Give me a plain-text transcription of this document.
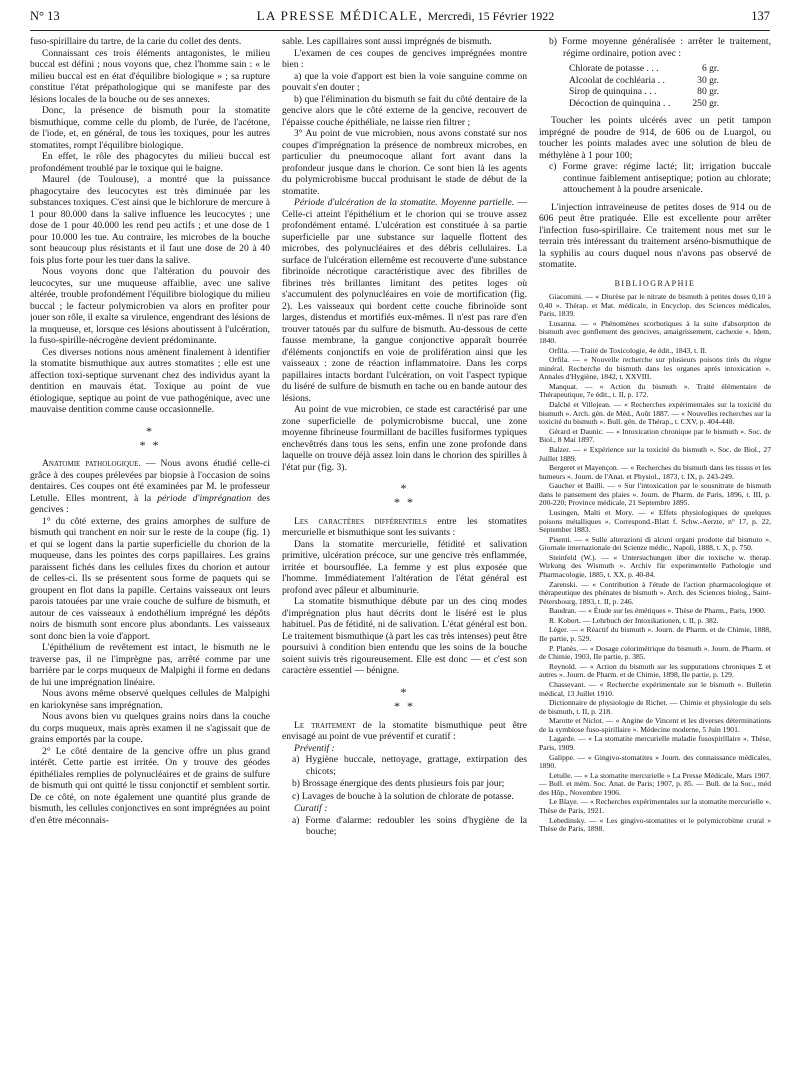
N° 13	LA PRESSE MÉDICALE, Mercredi, 15 Février 1922	137

fuso-spirillaire du tartre, de la carie du collet des dents.

Connaissant ces trois éléments antagonistes, le milieu buccal est défini ; nous voyons que, chez l'homme sain : « le milieu buccal est en état d'équilibre biologique » ; sa rupture constitue l'état prépathologique qui se manifeste par des lésions locales de la bouche ou de ses annexes.

Donc, la présence de bismuth pour la stomatite bismuthique, comme celle du plomb, de l'urée, de l'acétone, de l'iode, et, en général, de tous les toxiques, pour les autres stomatites, rompt l'équilibre biologique.

En effet, le rôle des phagocytes du milieu buccal est profondément troublé par le toxique qui le baigne.

Maurel (de Toulouse), a montré que la puissance phagocytaire des leucocytes est très diminuée par les substances toxiques. C'est ainsi que le bichlorure de mercure à 1 pour 80.000 dans la salive influence les leucocytes ; une dose de 1 pour 40.000 les rend peu actifs ; et une dose de 1 pour 10.000 les tue. Au contraire, les microbes de la bouche sont beaucoup plus résistants et il faut une dose de 20 à 40 fois plus forte pour les tuer dans la salive.

Nous voyons donc que l'altération du pouvoir des leucocytes, sur une muqueuse affaiblie, avec une salive altérée, trouble profondément l'équilibre biologique du milieu buccal ; le facteur polymicrobien va alors en profiter pour jouer son rôle, il exalte sa virulence, engendrant des lésions de la muqueuse, et, lorsque ces lésions aboutissent à l'ulcération, la fuso-spirille-nécrogène devient prédominante.

Ces diverses notions nous amènent finalement à identifier la stomatite bismuthique aux autres stomatites ; elle est une affection toxi-septique survenant chez des individus ayant la dentition en mauvais état. Toxique au point de vue étiologique, septique au point de vue pathogénique, avec une mauvaise dentition comme cause occasionnelle.

*
* *

Anatomie pathologique. — Nous avons étudié celle-ci grâce à des coupes prélevées par biopsie à l'occasion de soins dentaires. Ces coupes ont été examinées par M. le professeur Letulle. Elles montrent, à la période d'imprégnation des gencives :

1° du côté externe, des grains amorphes de sulfure de bismuth qui tranchent en noir sur le reste de la coupe (fig. 1) et qui se logent dans la partie superficielle du chorion de la muqueuse, dans les pointes des corps papillaires. Les grains paraissent fichés dans les cellules fixes du chorion et autour de celles-ci. Ils se présentent sous forme de paquets qui se groupent en flot dans la papille. Certains vaisseaux ont leurs parois tatouées par une vraie couche de sulfure de bismuth, et autour de ces vaisseaux à endothélium imprégné les dépôts noirs de bismuth sont encore plus abondants. Les vaisseaux sont donc bien la voie d'apport.

L'épithélium de revêtement est intact, le bismuth ne le traverse pas, il ne l'imprègne pas, arrêté comme par une barrière par le corps muqueux de Malpighi il forme en dedans de lui une imprégnation linéaire.

Nous avons même observé quelques cellules de Malpighi en kariokynèse sans imprégnation.

Nous avons bien vu quelques grains noirs dans la couche du corps muqueux, mais après examen il ne s'agissait que de grains emportés par la coupe.

2° Le côté dentaire de la gencive offre un plus grand intérêt. Cette partie est irritée. On y trouve des géodes épithéliales remplies de polynucléaires et de grains de sulfure de bismuth qui ont quitté le tissu conjonctif et semblent sortir. De ce côté, on note également une quantité plus grande de bismuth, les cellules conjonctives en sont imprégnées au point d'en être méconnais-

sable. Les capillaires sont aussi imprégnés de bismuth.

L'examen de ces coupes de gencives imprégnées montre bien :

a) que la voie d'apport est bien la voie sanguine comme on pouvait s'en douter ;

b) que l'élimination du bismuth se fait du côté dentaire de la gencive alors que le côté externe de la gencive, recouvert de l'épaisse couche épithéliale, ne laisse rien filtrer ;

3° Au point de vue microbien, nous avons constaté sur nos coupes d'imprégnation la présence de nombreux microbes, en particulier du pneumocoque allant fort avant dans la profondeur jusque dans le chorion. Ce sont bien là les agents du polymicrobisme buccal produisant le stade de début de la stomatite.

Période d'ulcération de la stomatite. Moyenne partielle. — Celle-ci atteint l'épithélium et le chorion qui se trouve assez profondément entamé. L'ulcération est constituée à sa partie superficielle par une substance sur laquelle flottent des microbes, des polynucléaires et des débris cellulaires. La surface de l'ulcération ellemême est recouverte d'une substance fibrinoïde nécrotique caractéristique avec des fibrilles de fibrines très brillantes limitant des petites loges où s'accumulent des polynucléaires en voie de mortification (fig. 2). Les vaisseaux qui bordent cette couche fibrinoïde sont larges, distendus et mortifiés eux-mêmes. Il n'est pas rare d'en trouver tatoués par du sulfure de bismuth. Au-dessous de cette fausse membrane, la gangue conjonctive apparaît bourrée d'éléments conjonctifs en voie de prolifération ainsi que les vaisseaux : zone de réaction inflammatoire. Dans les corps papillaires intacts bordant l'ulcération, on voit l'aspect typique du liséré de sulfure de bismuth en tache ou en bande autour des lésions.

Au point de vue microbien, ce stade est caractérisé par une zone superficielle de polymicrobisme buccal, une zone moyenne fibrineuse fourmillant de bacilles fusiformes typiques enchevêtrés dans tous les sens, enfin une zone profonde dans laquelle on trouve déjà assez loin dans le chorion des spirilles à l'état pur (fig. 3).

*
* *

Les caractères différentiels entre les stomatites mercurielle et bismuthique sont les suivants :

Dans la stomatite mercurielle, fétidité et salivation primitive, ulcération précoce, sur une gencive très enflammée, irritée et boursouflée. La femme y est plus exposée que l'homme. Immédiatement l'altération de l'état général est profond avec pâleur et albuminurie.

La stomatite bismuthique débute par un des cinq modes d'imprégnation plus haut décrits dont le liséré est le plus habituel. Pas de fétidité, ni de salivation. L'état général est bon. Le traitement bismuthique (à part les cas très intenses) peut être poursuivi à condition bien entendu que les soins de la bouche soient suivis très rigoureusement. Elle est donc — et c'est son caractère essentiel — bénigne.

*
* *

Le traitement de la stomatite bismuthique peut être envisagé au point de vue préventif et curatif :

Préventif :

a) Hygiène buccale, nettoyage, grattage, extirpation des chicots;
b) Brossage énergique des dents plusieurs fois par jour;
c) Lavages de bouche à la solution de chlorate de potasse.

Curatif :

a) Forme d'alarme: redoubler les soins d'hygiène de la bouche;
b) Forme moyenne généralisée : arrêter le traitement, régime ordinaire, potion avec :
Chlorate de potasse . . .	6 gr.
Alcoolat de cochléaria . .	30 gr.
Sirop de quinquina . . .	80 gr.
Décoction de quinquina . . 250 gr.

Toucher les points ulcérés avec un petit tampon imprégné de poudre de 914, de 606 ou de Luargol, ou toucher les points malades avec une solution de bleu de méthylène à 1 pour 100;

c) Forme grave: régime lacté; lit; irrigation buccale continue faiblement antiseptique; potion au chlorate; attouchement à la poudre arsenicale.

L'injection intraveineuse de petites doses de 914 ou de 606 peut être pratiquée. Elle est excellente pour arrêter l'infection fuso-spirillaire. Ce traitement nous met sur le terrain très intéressant du traitement arséno-bismuthique de la syphilis au cours duquel nous n'avons pas observé de stomatite.

BIBLIOGRAPHIE

Giacomini. — « Diurèse par le nitrate de bismuth à petites doses 0,10 à 0,40 ». Thérap. et Mat. médicale, in Encyclop. des Sciences médicales, Paris, 1839.

Lusanna. — « Phénomènes scorbutiques à la suite d'absorption de bismuth avec gonflement des gencives, amaigrissement, cachexie ». Idem, 1840.

Orfila. — Traité de Toxicologie, 4e édit., 1843, t. II.

Orfila. — « Nouvelle recherche sur plusieurs poisons tirés du règne minéral. Recherche du bismuth dans les organes après intoxication ». Annales d'Hygiène, 1842, t. XXVIII.

Manquat. — « Action du bismuth ». Traité élémentaire de Thérapeutique, 7e édit., t. II, p. 172.

Dalché et Villejean. — « Recherches expérimentales sur la toxicité du bismuth ». Arch. gén. de Méd., Août 1887. — « Nouvelles recherches sur la toxicité du bismuth ». Bull. gén. de Thérap., t. CXV, p. 404-448.

Gérard et Daunic. — « Intoxication chronique par le bismuth ». Soc. de Biol., 8 Mai 1897.

Balzer. — « Expérience sur la toxicité du bismuth ». Soc. de Biol., 27 Juillet 1889.

Bergeret et Mayençon. — « Recherches du bismuth dans les tissus et les humeurs ». Journ. de l'Anat. et Physiol., 1873, t. IX, p. 243-249.

Gaucher et Bailli. — « Sur l'intoxication par le sousnitrate de bismuth dans le pansement des plaies ». Journ. de Pharm. de Paris, 1896, t. III, p. 200-220; Province médicale, 21 Septembre 1895.

Lusingen, Malti et Mory. — « Effets physiologiques de quelques poisons métalliques ». Correspond.-Blatt f. Schw.-Aerzte, n° 17, p. 22, September 1883.

Pisenti. — « Sulle alterazioni di alcuni organi prodotte dal bismuto ». Giornale internazionale dei Scienze médic., Napoli, 1888, t. X, p. 750.

Steinfeld (W.). — « Untersuchungen über die toxische w. therap. Wirkung des Wismuth ». Archiv für experimentelle Pathologie und Pharmacologie, 1885, t. XX, p. 40-84.

Zarenski. — « Contribution à l'étude de l'action pharmacologique et thérapeutique des phénates de bismuth ». Arch. des Sciences biolog., Saint-Pétersbourg, 1893, t. II, p. 246.

Baudran. — « Étude sur les émétiques ». Thèse de Pharm., Paris, 1900.

R. Kobert. — Lehrbuch der Intoxikationen, t. II, p. 382.

Léger. — « Réactif du bismuth ». Journ. de Pharm. et de Chimie, 1888, IIe partie, p. 529.

P. Planès. — « Dosage colorimétrique du bismuth ». Journ. de Pharm. et de Chimie, 1903, IIe partie, p. 385.

Reynold. — « Action du bismuth sur les suppurations chroniques Σ et autres ». Journ. de Pharm. et de Chimie, 1898, IIe partie, p. 129.

Chassevant. — « Recherche expérimentale sur le bismuth ». Bulletin médical, 13 Juillet 1910.

Dictionnaire de physiologie de Richet. — Chimie et physiologie du sels de bismuth, t. II, p. 218.

Marotte et Niclot. — « Angine de Vincent et les diverses déterminations de la symbiose fuso-spirillaire ». Médecine moderne, 5 Juin 1901.

Lagarde. — « La stomatite mercurielle maladie fusospirillaire ». Thèse, Paris, 1909.

Galippe. — « Gingivo-stomatites » Journ. des connaissance médicales, 1890.

Letulle. — « La stomatite mercurielle » La Presse Médicale, Mars 1907. — Bull. et mém. Soc. Anat. de Paris; 1907, p. 85. — Bull. de la Soc., méd des Hôp., Novembre 1906.

Le Blaye. — « Recherches expérimentales sur la stomatite mercurielle ». Thèse de Paris, 1921.

Lebedinsky. — « Les gingivo-stomatites et le polymicrobime crural » Thèse de Paris, 1898.
